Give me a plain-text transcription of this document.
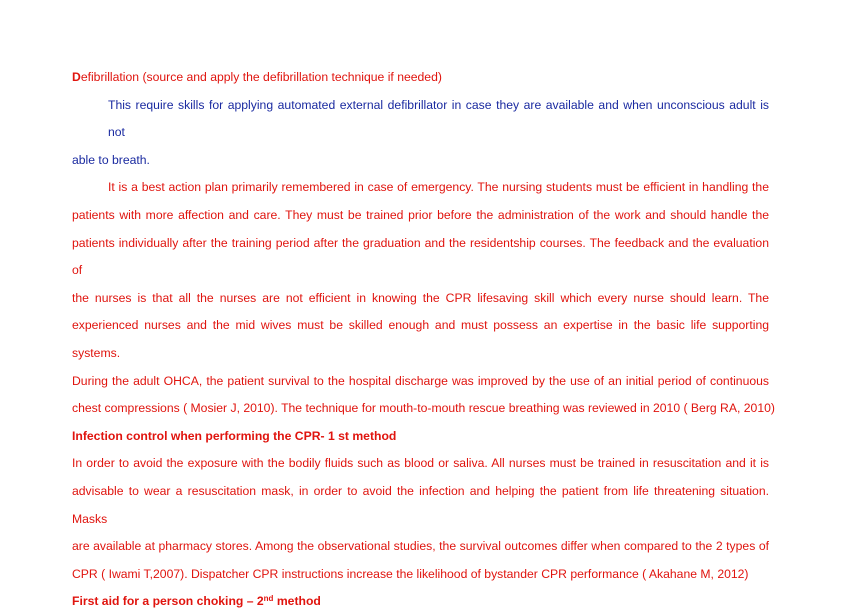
Defibrillation (source and apply the defibrillation technique if needed)
This require skills for applying automated external defibrillator in case they are available and when unconscious adult is not
able to breath.
It is a best action plan primarily remembered in case of emergency. The nursing students must be efficient in handling the
patients with more affection and care. They must be trained prior before the administration of the work and should handle the
patients individually after the training period after the graduation and the residentship courses. The feedback and the evaluation of
the nurses is that all the nurses are not efficient in knowing the CPR lifesaving skill which every nurse should learn. The
experienced nurses and the mid wives must be skilled enough and must possess an expertise in the basic life supporting systems.
During the adult OHCA, the patient survival to the hospital discharge was improved by the use of an initial period of continuous
chest compressions ( Mosier J, 2010). The technique for mouth-to-mouth rescue breathing was reviewed in 2010 ( Berg RA, 2010)
Infection control when performing the CPR- 1 st method
In order to avoid the exposure with the bodily fluids such as blood or saliva. All nurses must be trained in resuscitation and it is
advisable to wear a resuscitation mask, in order to avoid the infection and helping the patient from life threatening situation. Masks
are available at pharmacy stores. Among the observational studies, the survival outcomes differ when compared to the 2 types of
CPR ( Iwami T,2007). Dispatcher CPR instructions increase the likelihood of bystander CPR performance ( Akahane M, 2012)
First aid for a person choking – 2nd method
